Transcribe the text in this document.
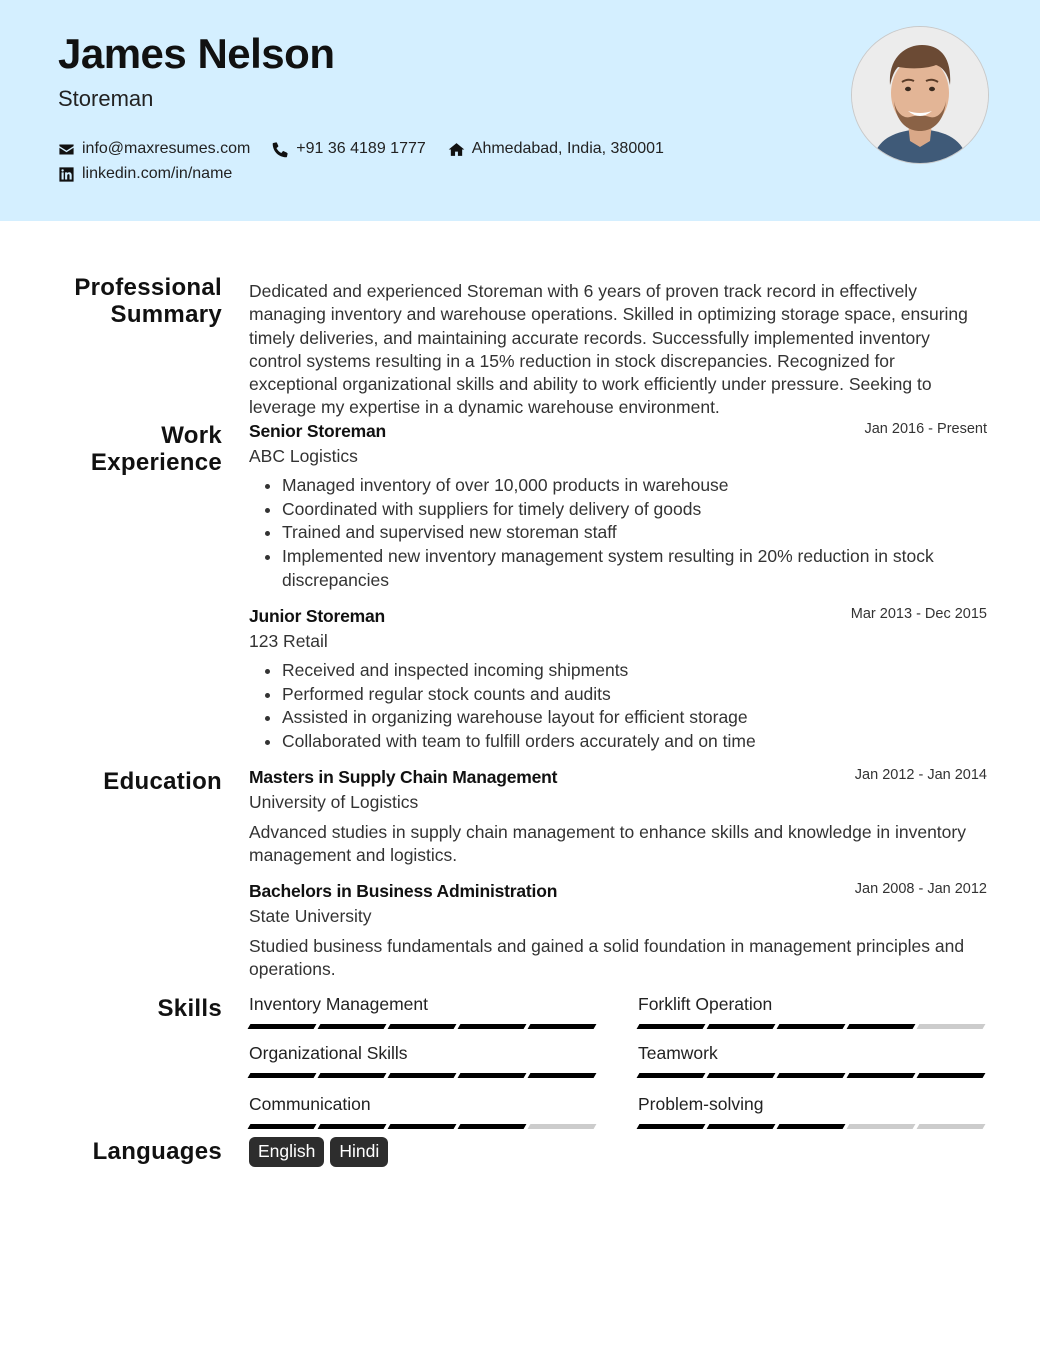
James Nelson
Storeman
info@maxresumes.com	+91 36 4189 1777	Ahmedabad, India, 380001
linkedin.com/in/name
Professional Summary
Dedicated and experienced Storeman with 6 years of proven track record in effectively managing inventory and warehouse operations. Skilled in optimizing storage space, ensuring timely deliveries, and maintaining accurate records. Successfully implemented inventory control systems resulting in a 15% reduction in stock discrepancies. Recognized for exceptional organizational skills and ability to work efficiently under pressure. Seeking to leverage my expertise in a dynamic warehouse environment.
Work Experience
Senior Storeman	Jan 2016 - Present
ABC Logistics
• Managed inventory of over 10,000 products in warehouse
• Coordinated with suppliers for timely delivery of goods
• Trained and supervised new storeman staff
• Implemented new inventory management system resulting in 20% reduction in stock discrepancies
Junior Storeman	Mar 2013 - Dec 2015
123 Retail
• Received and inspected incoming shipments
• Performed regular stock counts and audits
• Assisted in organizing warehouse layout for efficient storage
• Collaborated with team to fulfill orders accurately and on time
Education Masters in Supply Chain Management	Jan 2012 - Jan 2014
University of Logistics
Advanced studies in supply chain management to enhance skills and knowledge in inventory management and logistics.
Bachelors in Business Administration	Jan 2008 - Jan 2012
State University
Studied business fundamentals and gained a solid foundation in management principles and operations.
Skills Inventory Management	Forklift Operation
Organizational Skills	Teamwork
Communication	Problem-solving
Languages	English	Hindi
